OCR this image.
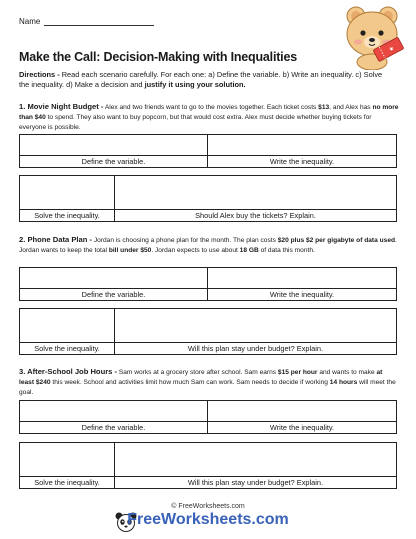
Name
★
Make the Call: Decision-Making with Inequalities
Directions - Read each scenario carefully. For each one: a) Define the variable. b) Write an inequality. c) Solve the inequality. d) Make a decision and justify it using your solution.
1. Movie Night Budget - Alex and two friends want to go to the movies together. Each ticket costs $13, and Alex has no more than $40 to spend. They also want to buy popcorn, but that would cost extra. Alex must decide whether buying tickets for everyone is possible.
Define the variable.	Write the inequality.
Solve the inequality.	Should Alex buy the tickets? Explain.
2. Phone Data Plan - Jordan is choosing a phone plan for the month. The plan costs $20 plus $2 per gigabyte of data used. Jordan wants to keep the total bill under $50. Jordan expects to use about 18 GB of data this month.
Define the variable.	Write the inequality.
Solve the inequality.	Will this plan stay under budget? Explain.
3. After-School Job Hours - Sam works at a grocery store after school. Sam earns $15 per hour and wants to make at least $240 this week. School and activities limit how much Sam can work. Sam needs to decide if working 14 hours will meet the goal.
Define the variable.	Write the inequality.
Solve the inequality.	Will this plan stay under budget? Explain.
© FreeWorksheets.com
FreeWorksheets.com
